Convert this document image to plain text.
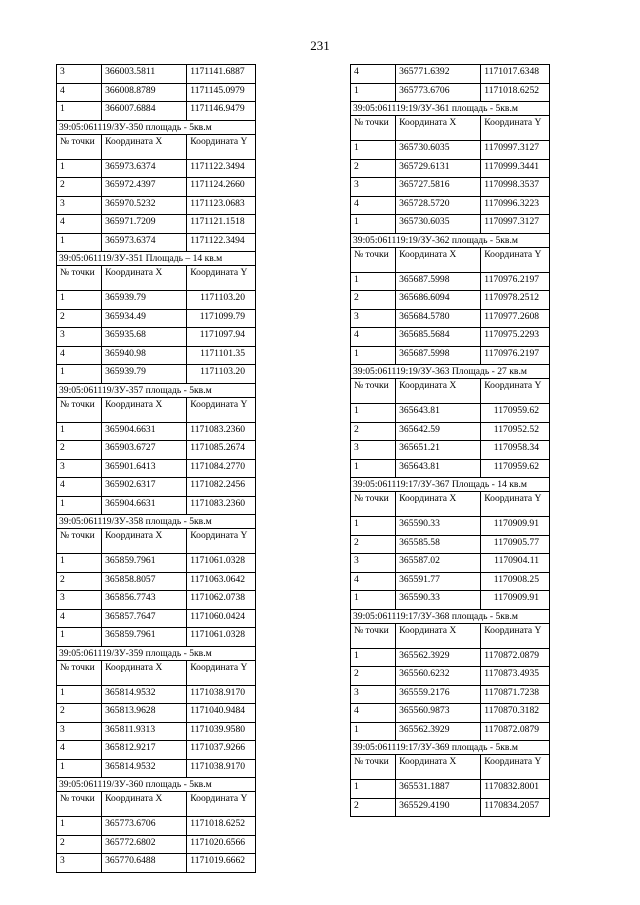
231
3	366003.5811	1171141.6887
4	366008.8789	1171145.0979
1	366007.6884	1171146.9479
39:05:061119/ЗУ-350 площадь - 5кв.м		
№ точки	Координата X	Координата Y
1	365973.6374	1171122.3494
2	365972.4397	1171124.2660
3	365970.5232	1171123.0683
4	365971.7209	1171121.1518
1	365973.6374	1171122.3494
39:05:061119/ЗУ-351 Площадь – 14 кв.м		
№ точки	Координата X	Координата Y
1	365939.79	1171103.20
2	365934.49	1171099.79
3	365935.68	1171097.94
4	365940.98	1171101.35
1	365939.79	1171103.20
39:05:061119/ЗУ-357 площадь - 5кв.м		
№ точки	Координата X	Координата Y
1	365904.6631	1171083.2360
2	365903.6727	1171085.2674
3	365901.6413	1171084.2770
4	365902.6317	1171082.2456
1	365904.6631	1171083.2360
39:05:061119/ЗУ-358 площадь - 5кв.м		
№ точки	Координата X	Координата Y
1	365859.7961	1171061.0328
2	365858.8057	1171063.0642
3	365856.7743	1171062.0738
4	365857.7647	1171060.0424
1	365859.7961	1171061.0328
39:05:061119/ЗУ-359 площадь - 5кв.м		
№ точки	Координата X	Координата Y
1	365814.9532	1171038.9170
2	365813.9628	1171040.9484
3	365811.9313	1171039.9580
4	365812.9217	1171037.9266
1	365814.9532	1171038.9170
39:05:061119/ЗУ-360 площадь - 5кв.м		
№ точки	Координата X	Координата Y
1	365773.6706	1171018.6252
2	365772.6802	1171020.6566
3	365770.6488	1171019.6662
4	365771.6392	1171017.6348
1	365773.6706	1171018.6252
39:05:061119:19/ЗУ-361 площадь - 5кв.м		
№ точки	Координата X	Координата Y
1	365730.6035	1170997.3127
2	365729.6131	1170999.3441
3	365727.5816	1170998.3537
4	365728.5720	1170996.3223
1	365730.6035	1170997.3127
39:05:061119:19/ЗУ-362 площадь - 5кв.м		
№ точки	Координата X	Координата Y
1	365687.5998	1170976.2197
2	365686.6094	1170978.2512
3	365684.5780	1170977.2608
4	365685.5684	1170975.2293
1	365687.5998	1170976.2197
39:05:061119:19/ЗУ-363 Площадь - 27 кв.м		
№ точки	Координата X	Координата Y
1	365643.81	1170959.62
2	365642.59	1170952.52
3	365651.21	1170958.34
1	365643.81	1170959.62
39:05:061119:17/ЗУ-367 Площадь - 14 кв.м		
№ точки	Координата X	Координата Y
1	365590.33	1170909.91
2	365585.58	1170905.77
3	365587.02	1170904.11
4	365591.77	1170908.25
1	365590.33	1170909.91
39:05:061119:17/ЗУ-368 площадь - 5кв.м		
№ точки	Координата X	Координата Y
1	365562.3929	1170872.0879
2	365560.6232	1170873.4935
3	365559.2176	1170871.7238
4	365560.9873	1170870.3182
1	365562.3929	1170872.0879
39:05:061119:17/ЗУ-369 площадь - 5кв.м		
№ точки	Координата X	Координата Y
1	365531.1887	1170832.8001
2	365529.4190	1170834.2057
